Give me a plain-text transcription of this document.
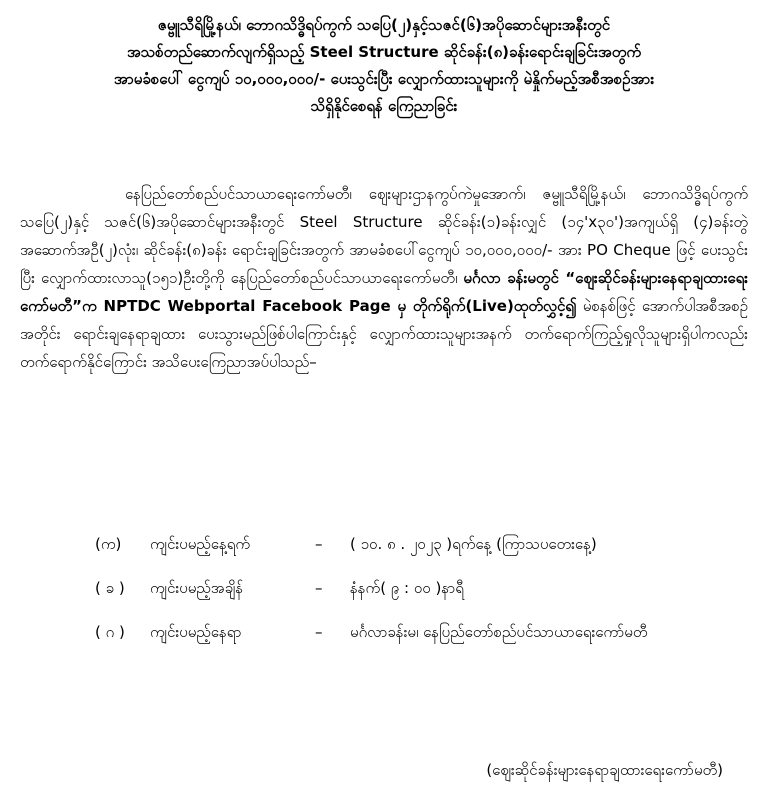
ဇမ္ဗူသီရိမြို့နယ်၊ ဘောဂသိဒ္ဓိရပ်ကွက် သပြေ(၂)နှင့်သဇင်(၆)အပိုဆောင်များအနီးတွင်
အသစ်တည်ဆောက်လျက်ရှိသည့် Steel Structure ဆိုင်ခန်း(၈)ခန်းရောင်းချခြင်းအတွက်
အာမခံစပေါ် ငွေကျပ် ၁၀,၀၀၀,၀၀၀/- ပေးသွင်းပြီး လျှောက်ထားသူများကို မဲနှိုက်မည့်အစီအစဉ်အား
သိရှိနိုင်စေရန် ကြေညာခြင်း
နေပြည်တော်စည်ပင်သာယာရေးကော်မတီ၊ ဈေးများဌာနကွပ်ကဲမှုအောက်၊ ဇမ္ဗူသီရိမြို့နယ်၊ ဘောဂသိဒ္ဓိရပ်ကွက် သပြေ(၂)နှင့် သဇင်(၆)အပိုဆောင်များအနီးတွင် Steel Structure ဆိုင်ခန်း(၁)ခန်းလျှင် (၁၄'x၃၀')အကျယ်ရှိ (၄)ခန်းတွဲ အဆောက်အဦ(၂)လုံး၊ ဆိုင်ခန်း(၈)ခန်း ရောင်းချခြင်းအတွက် အာမခံစပေါ်ငွေကျပ် ၁၀,၀၀၀,၀၀၀/- အား PO Cheque ဖြင့် ပေးသွင်းပြီး လျှောက်ထားလာသူ(၁၅၁)ဦးတို့ကို နေပြည်တော်စည်ပင်သာယာရေးကော်မတီ၊ မင်္ဂလာ ခန်းမတွင် “ဈေးဆိုင်ခန်းများနေရာချထားရေးကော်မတီ”က NPTDC Webportal Facebook Page မှ တိုက်ရိုက်(Live)ထုတ်လွှင့်၍ မဲစနစ်ဖြင့် အောက်ပါအစီအစဉ်အတိုင်း ရောင်းချနေရာချထား ပေးသွားမည်ဖြစ်ပါကြောင်းနှင့် လျှောက်ထားသူများအနက် တက်ရောက်ကြည့်ရှုလိုသူများရှိပါကလည်း တက်ရောက်နိုင်ကြောင်း အသိပေးကြေညာအပ်ပါသည်–
(က) ကျင်းပမည့်နေ့ရက်	– ( ၁၀. ၈ . ၂၀၂၃ )ရက်နေ့ (ကြာသပတေးနေ့)
( ခ ) ကျင်းပမည့်အချိန်	– နံနက်( ၉ : ၀၀ )နာရီ
( ဂ ) ကျင်းပမည့်နေရာ	– မင်္ဂလာခန်းမ၊ နေပြည်တော်စည်ပင်သာယာရေးကော်မတီ
(ဈေးဆိုင်ခန်းများနေရာချထားရေးကော်မတီ)
